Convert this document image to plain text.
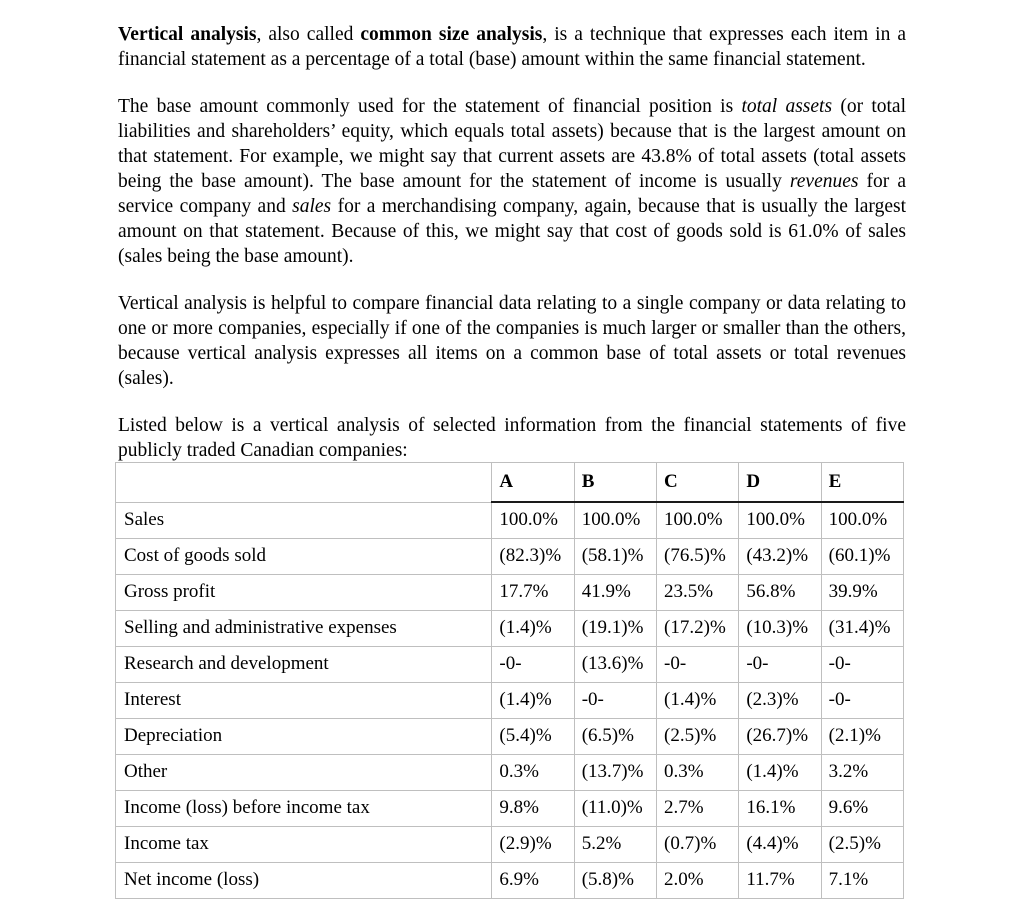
Vertical analysis, also called common size analysis, is a technique that expresses each item in a financial statement as a percentage of a total (base) amount within the same financial statement.

The base amount commonly used for the statement of financial position is total assets (or total liabilities and shareholders’ equity, which equals total assets) because that is the largest amount on that statement. For example, we might say that current assets are 43.8% of total assets (total assets being the base amount). The base amount for the statement of income is usually revenues for a service company and sales for a merchandising company, again, because that is usually the largest amount on that statement. Because of this, we might say that cost of goods sold is 61.0% of sales (sales being the base amount).

Vertical analysis is helpful to compare financial data relating to a single company or data relating to one or more companies, especially if one of the companies is much larger or smaller than the others, because vertical analysis expresses all items on a common base of total assets or total revenues (sales).

Listed below is a vertical analysis of selected information from the financial statements of five publicly traded Canadian companies:

	A	B	C	D	E
Sales	100.0%	100.0%	100.0%	100.0%	100.0%
Cost of goods sold	(82.3)%	(58.1)%	(76.5)%	(43.2)%	(60.1)%
Gross profit	17.7%	41.9%	23.5%	56.8%	39.9%
Selling and administrative expenses	(1.4)%	(19.1)%	(17.2)%	(10.3)%	(31.4)%
Research and development	-0-	(13.6)%	-0-	-0-	-0-
Interest	(1.4)%	-0-	(1.4)%	(2.3)%	-0-
Depreciation	(5.4)%	(6.5)%	(2.5)%	(26.7)%	(2.1)%
Other	0.3%	(13.7)%	0.3%	(1.4)%	3.2%
Income (loss) before income tax	9.8%	(11.0)%	2.7%	16.1%	9.6%
Income tax	(2.9)%	5.2%	(0.7)%	(4.4)%	(2.5)%
Net income (loss)	6.9%	(5.8)%	2.0%	11.7%	7.1%
